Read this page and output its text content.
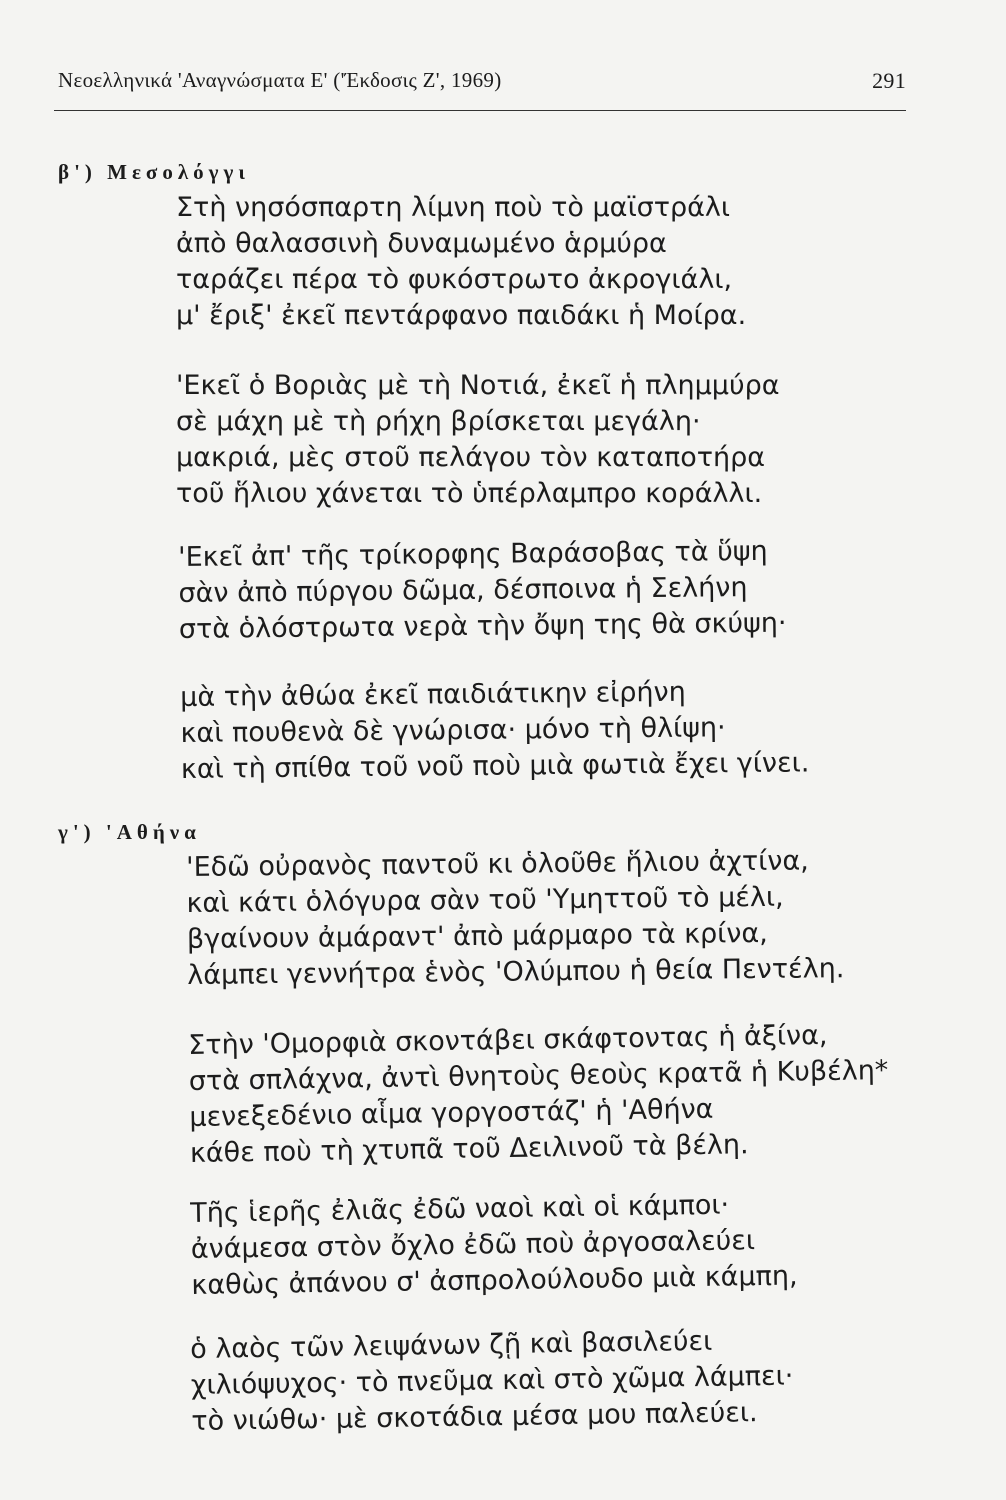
Νεοελληνικά 'Αναγνώσματα Ε' ('Έκδοσις Ζ', 1969)	291
β') Μεσολόγγι
Στὴ νησόσπαρτη λίμνη ποὺ τὸ μαϊστράλι
ἀπὸ θαλασσινὴ δυναμωμένο ἁρμύρα
ταράζει πέρα τὸ φυκόστρωτο ἀκρογιάλι,
μ' ἔριξ' ἐκεῖ πεντάρφανο παιδάκι ἡ Μοίρα.
'Εκεῖ ὁ Βοριὰς μὲ τὴ Νοτιά, ἐκεῖ ἡ πλημμύρα
σὲ μάχη μὲ τὴ ρήχη βρίσκεται μεγάλη·
μακριά, μὲς στοῦ πελάγου τὸν καταποτήρα
τοῦ ἥλιου χάνεται τὸ ὑπέρλαμπρο κοράλλι.
'Εκεῖ ἀπ' τῆς τρίκορφης Βαράσοβας τὰ ὕψη
σὰν ἀπὸ πύργου δῶμα, δέσποινα ἡ Σελήνη
στὰ ὁλόστρωτα νερὰ τὴν ὄψη της θὰ σκύψη·
μὰ τὴν ἀθώα ἐκεῖ παιδιάτικην εἰρήνη
καὶ πουθενὰ δὲ γνώρισα· μόνο τὴ θλίψη·
καὶ τὴ σπίθα τοῦ νοῦ ποὺ μιὰ φωτιὰ ἔχει γίνει.
γ') 'Αθήνα
'Εδῶ οὐρανὸς παντοῦ κι ὁλοῦθε ἥλιου ἀχτίνα,
καὶ κάτι ὁλόγυρα σὰν τοῦ 'Υμηττοῦ τὸ μέλι,
βγαίνουν ἀμάραντ' ἀπὸ μάρμαρο τὰ κρίνα,
λάμπει γεννήτρα ἑνὸς 'Ολύμπου ἡ θεία Πεντέλη.
Στὴν 'Ομορφιὰ σκοντάβει σκάφτοντας ἡ ἀξίνα,
στὰ σπλάχνα, ἀντὶ θνητοὺς θεοὺς κρατᾶ ἡ Κυβέλη*
μενεξεδένιο αἷμα γοργοστάζ' ἡ 'Αθήνα
κάθε ποὺ τὴ χτυπᾶ τοῦ Δειλινοῦ τὰ βέλη.
Τῆς ἱερῆς ἐλιᾶς ἐδῶ ναοὶ καὶ οἱ κάμποι·
ἀνάμεσα στὸν ὄχλο ἐδῶ ποὺ ἀργοσαλεύει
καθὼς ἀπάνου σ' ἀσπρολούλουδο μιὰ κάμπη,
ὁ λαὸς τῶν λειψάνων ζῇ καὶ βασιλεύει
χιλιόψυχος· τὸ πνεῦμα καὶ στὸ χῶμα λάμπει·
τὸ νιώθω· μὲ σκοτάδια μέσα μου παλεύει.
